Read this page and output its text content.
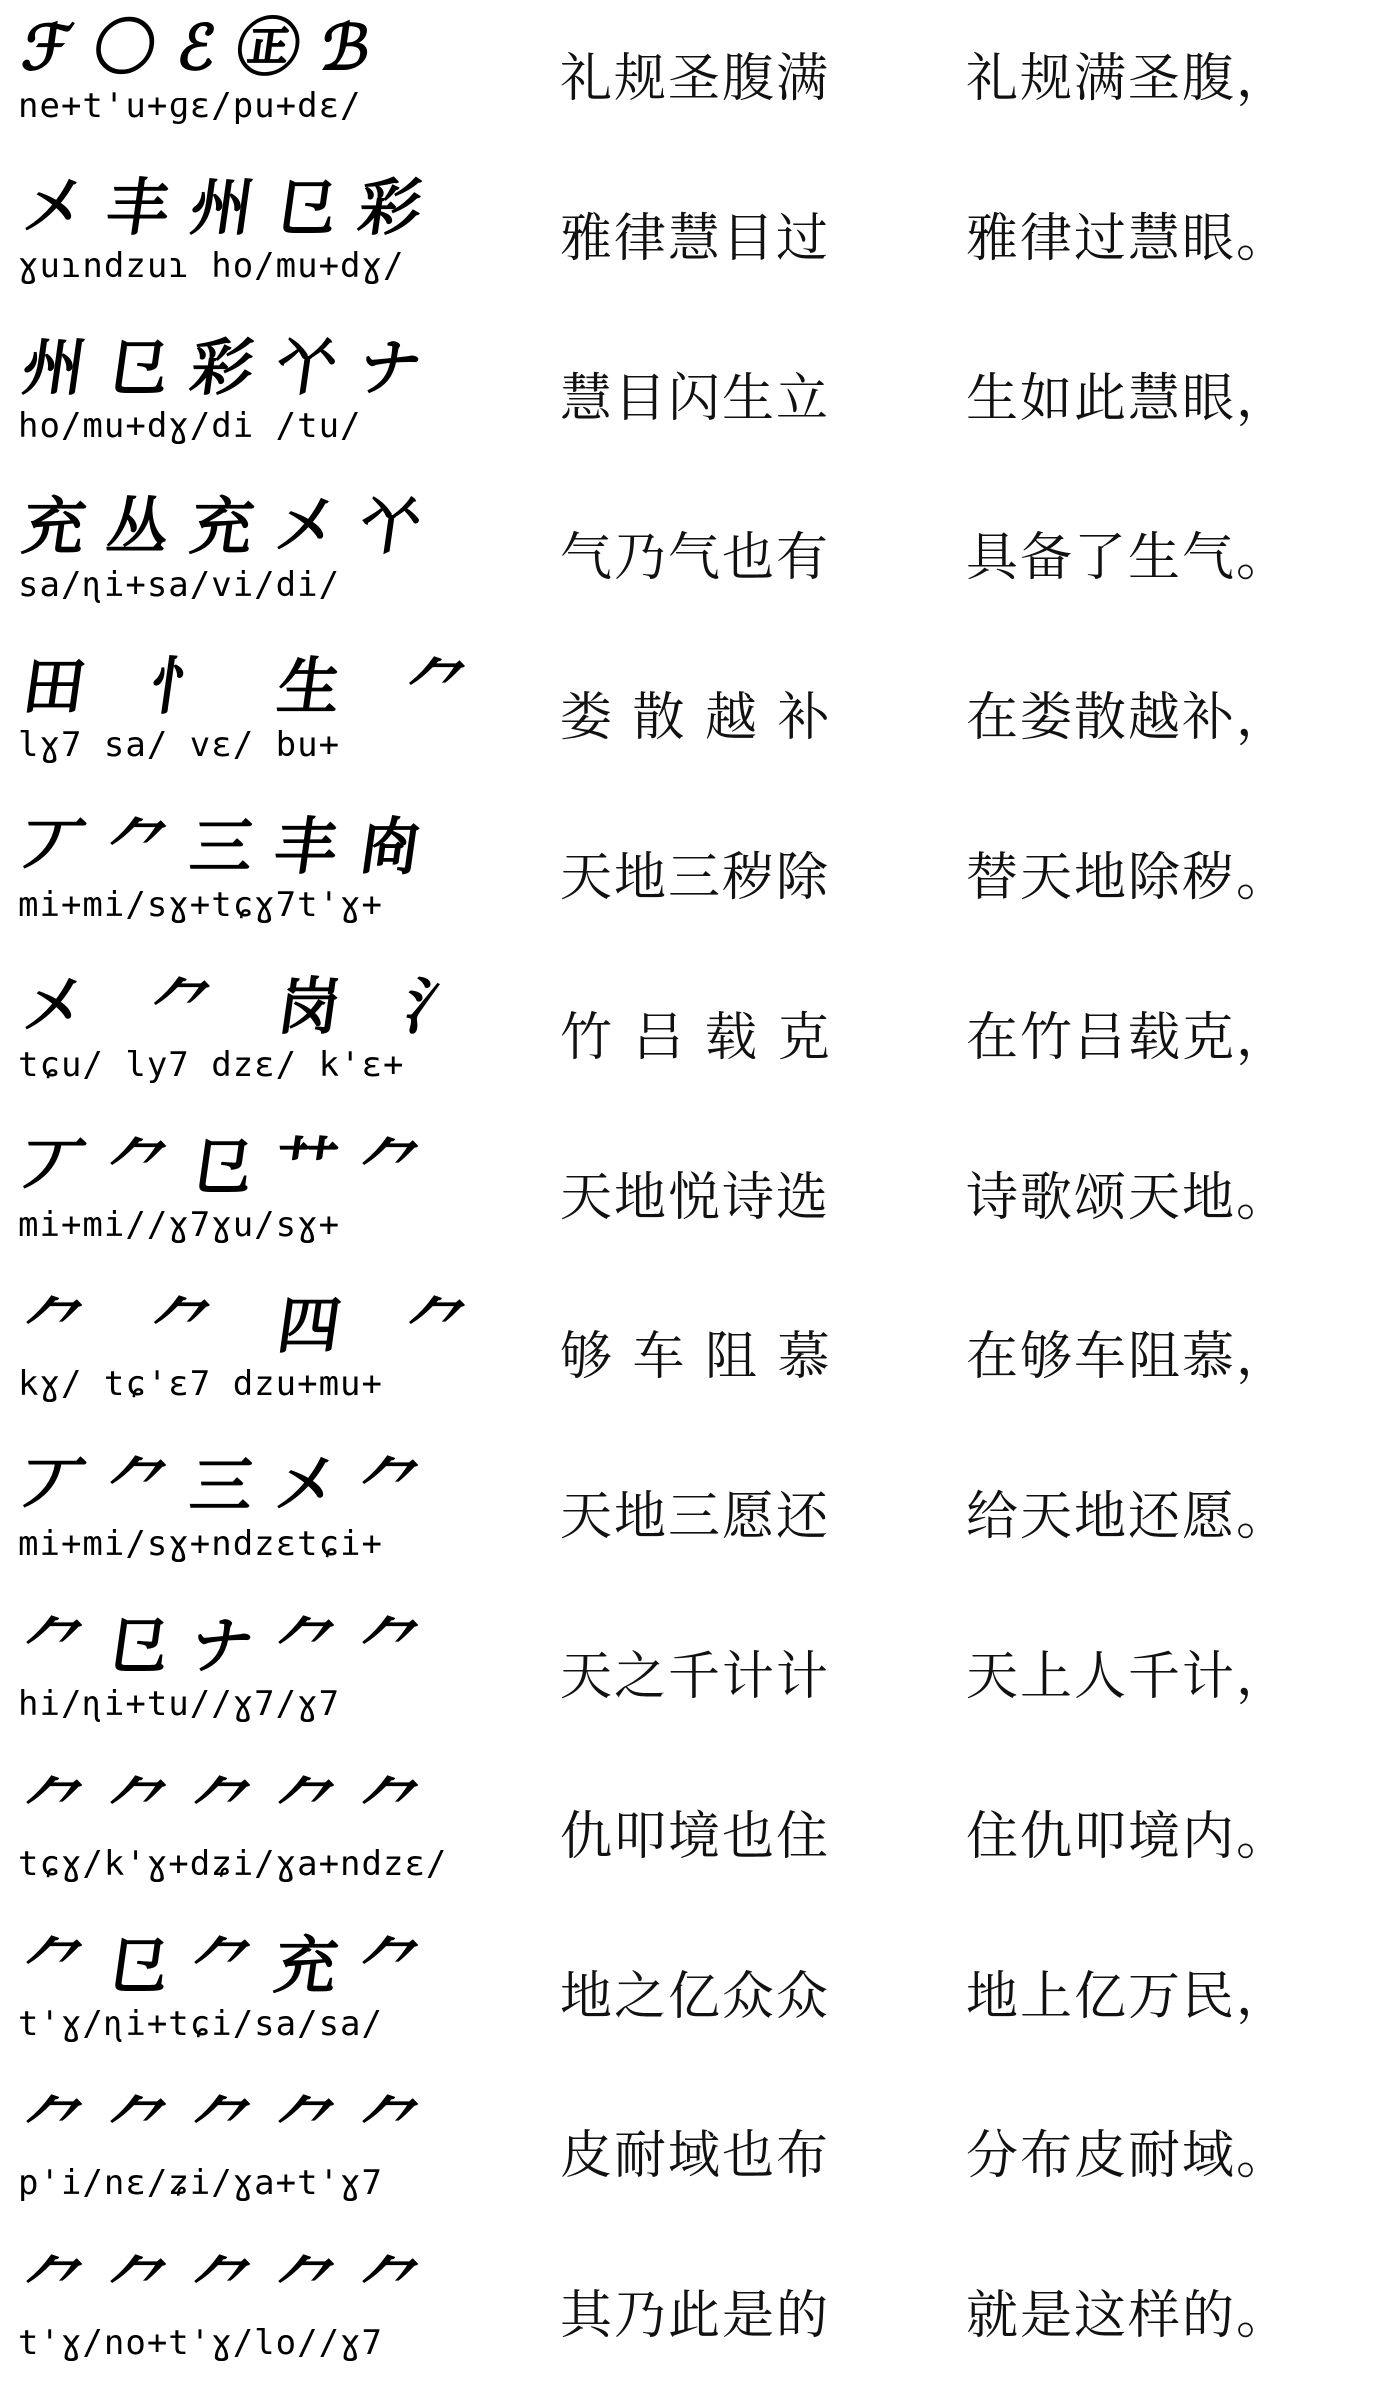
ℱ〇ℰ㊣ℬ
ne+t'u+ɡɛ/pu+dɛ/	礼规圣腹满	礼规满圣腹，
㐅丰州㔾彩
ɣuɿndzuɿ ho/mu+dɣ/	雅律慧目过	雅律过慧眼。
州㔾彩𠁥ナ
ho/mu+dɣ/di /tu/	慧目闪生立	生如此慧眼，
充丛充㐅𠁥
sa/ɳi+sa/vi/di/	气乃气也有	具备了生气。
田 ⺖ 生 ⺈
lɣ7 sa/ vɛ/ bu+	娄 散 越 补	在娄散越补，
丆⺈三丰㕯
mi+mi/sɣ+tɕɣ7t'ɣ+	天地三秽除	替天地除秽。
㐅 ⺈ 岗 氵
tɕu/ ly7 dzɛ/ k'ɛ+	竹 吕 载 克	在竹吕载克，
丆⺈㔾⺿⺈
mi+mi//ɣ7ɣu/sɣ+	天地悦诗选	诗歌颂天地。
⺈ ⺈ 四 ⺈
kɣ/ tɕ'ɛ7 dzu+mu+	够 车 阻 慕	在够车阻慕，
丆⺈三㐅⺈
mi+mi/sɣ+ndzɛtɕi+	天地三愿还	给天地还愿。
⺈㔾ナ⺈⺈
hi/ɳi+tu//ɣ7/ɣ7	天之千计计	天上人千计，
⺈⺈⺈⺈⺈
tɕɣ/k'ɣ+dʑi/ɣa+ndzɛ/ 仇叩境也住	住仇叩境内。
⺈㔾⺈充⺈
t'ɣ/ɳi+tɕi/sa/sa/	地之亿众众	地上亿万民，
⺈⺈⺈⺈⺈
p'i/nɛ/ʑi/ɣa+t'ɣ7	皮耐域也布	分布皮耐域。
⺈⺈⺈⺈⺈
t'ɣ/no+t'ɣ/lo//ɣ7	其乃此是的	就是这样的。
